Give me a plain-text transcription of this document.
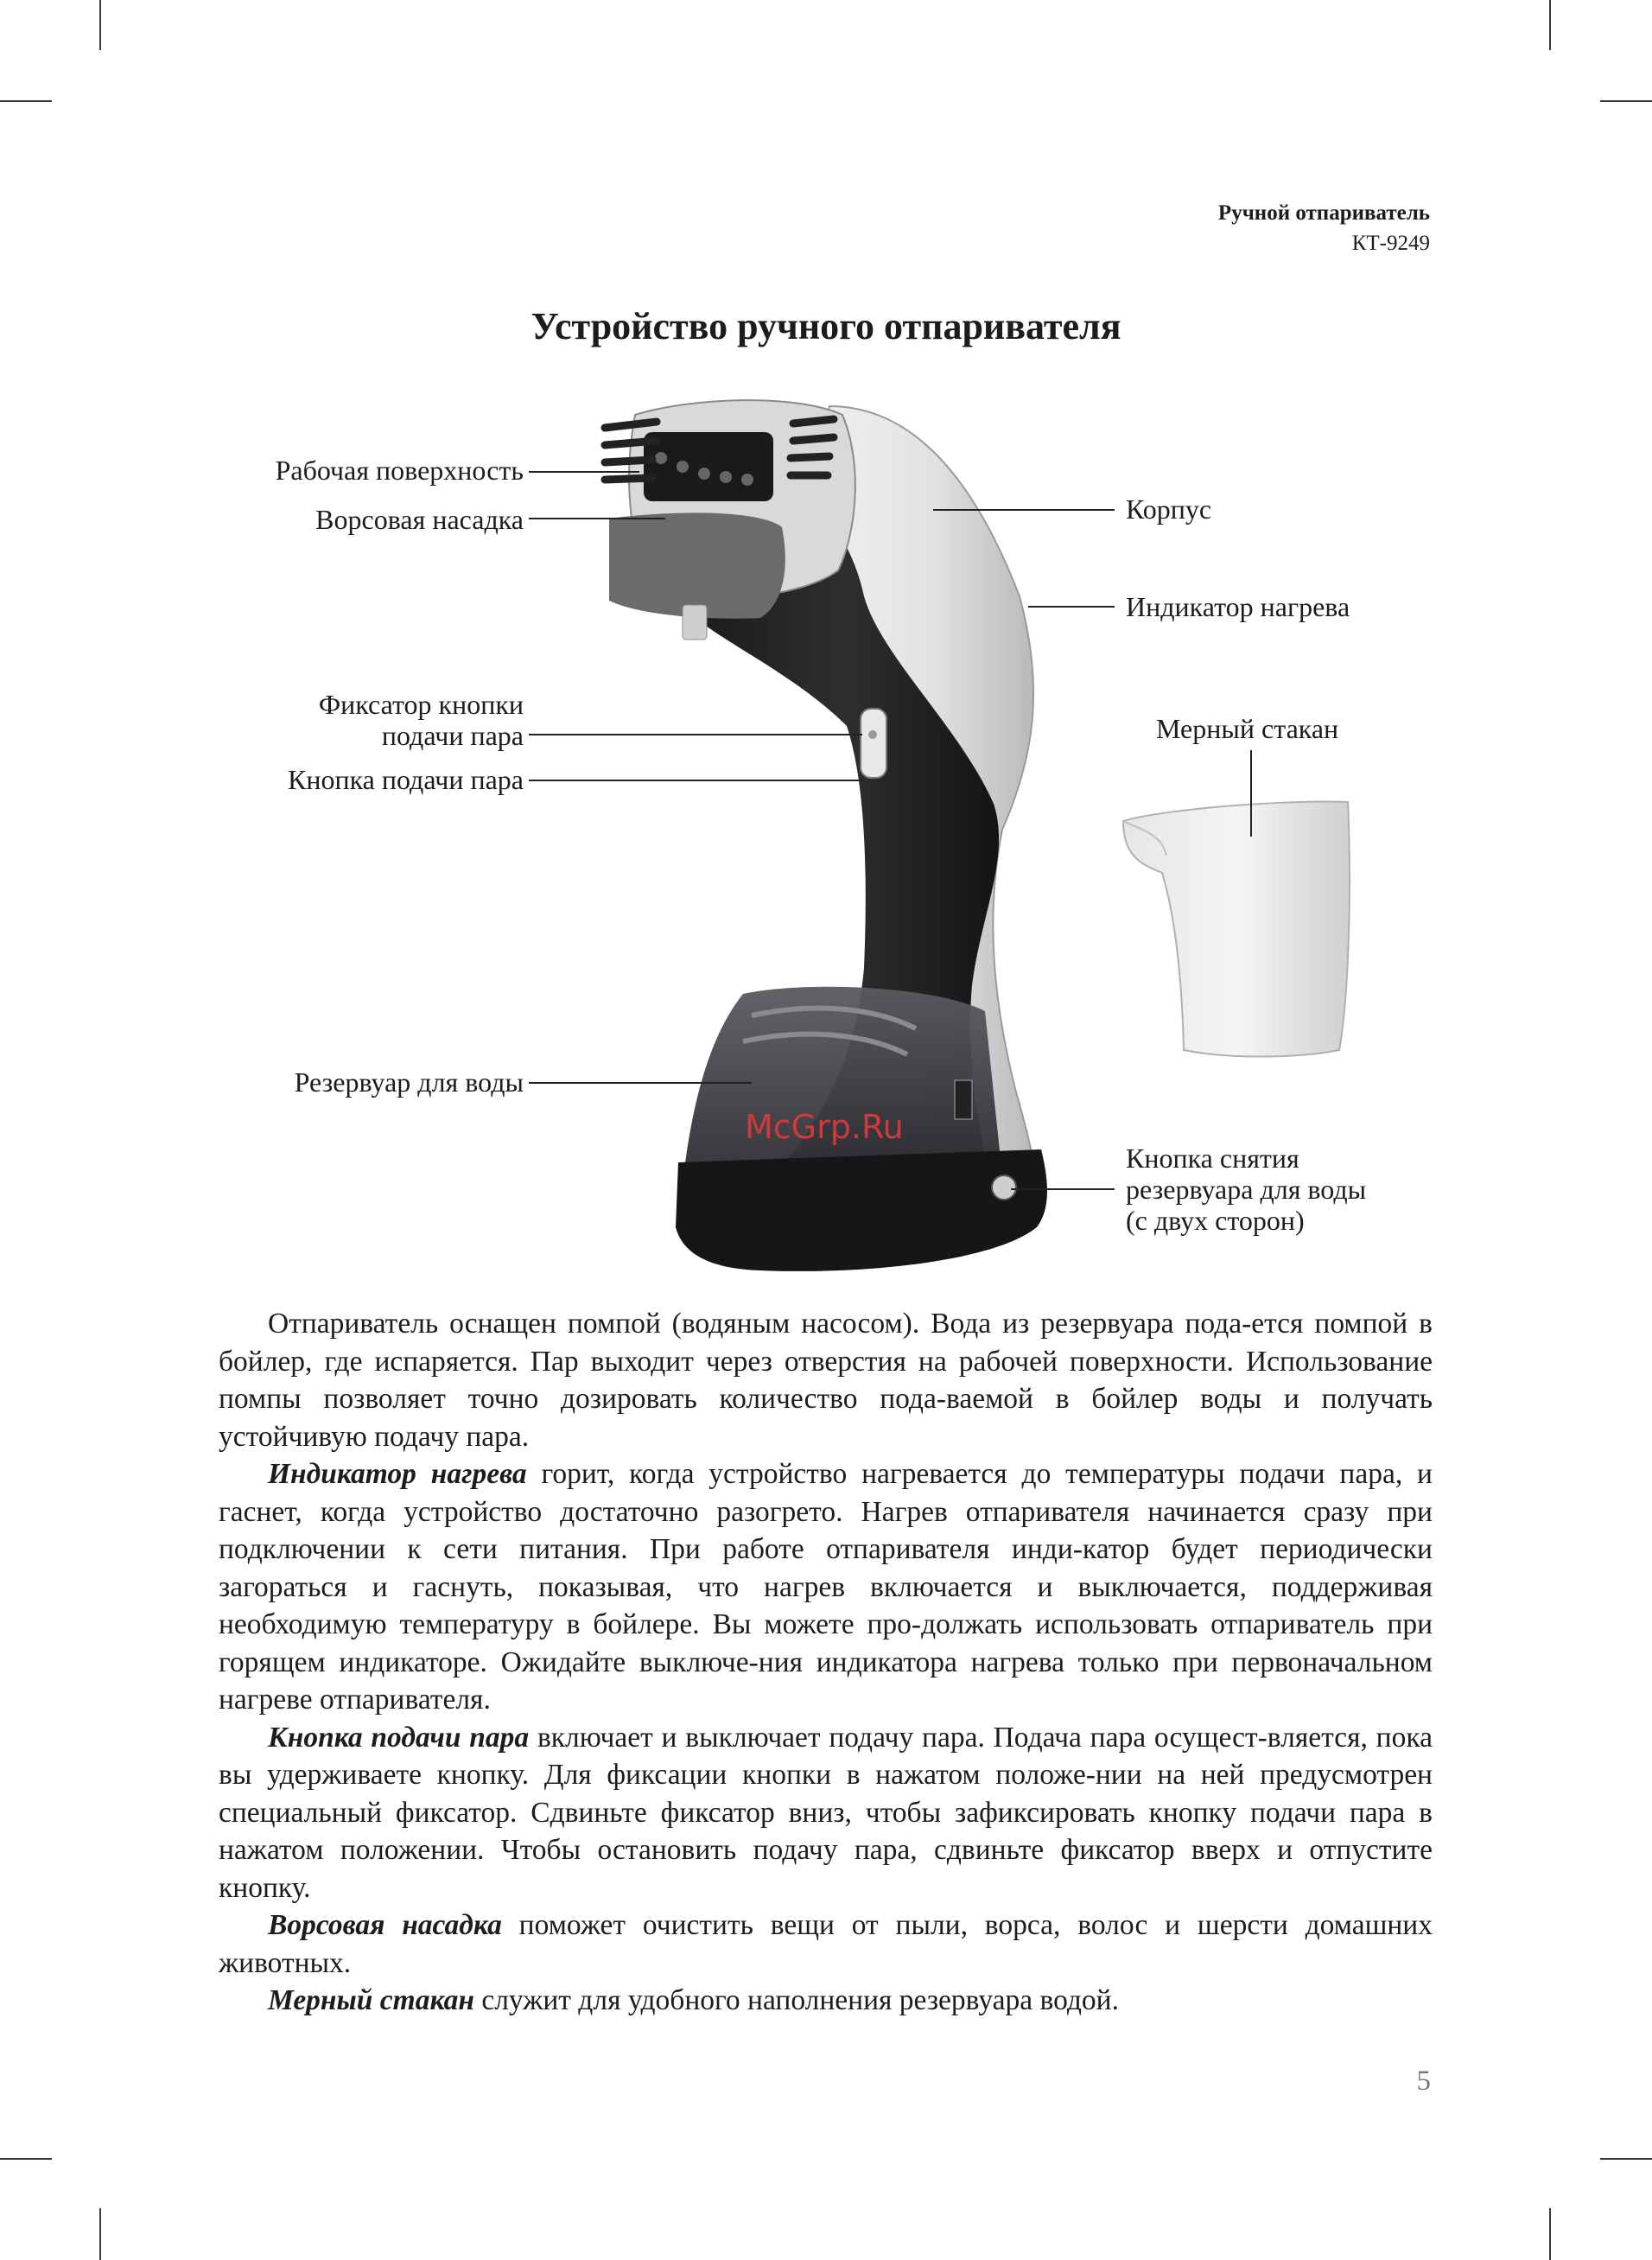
Ручной отпариватель
КТ-9249
Устройство ручного отпаривателя
McGrp.Ru
Рабочая поверхность
Ворсовая насадка	Корпус
Индикатор нагрева
Фиксатор кнопки
подачи пара
Кнопка подачи пара
Мерный стакан
Резервуар для воды
Кнопка снятия
резервуара для воды
(с двух сторон)

Отпариватель оснащен помпой (водяным насосом). Вода из резервуара пода-ется помпой в бойлер, где испаряется. Пар выходит через отверстия на рабочей поверхности. Использование помпы позволяет точно дозировать количество пода-ваемой в бойлер воды и получать устойчивую подачу пара.

Индикатор нагрева горит, когда устройство нагревается до температуры подачи пара, и гаснет, когда устройство достаточно разогрето. Нагрев отпаривателя начинается сразу при подключении к сети питания. При работе отпаривателя инди-катор будет периодически загораться и гаснуть, показывая, что нагрев включается и выключается, поддерживая необходимую температуру в бойлере. Вы можете про-должать использовать отпариватель при горящем индикаторе. Ожидайте выключе-ния индикатора нагрева только при первоначальном нагреве отпаривателя.

Кнопка подачи пара включает и выключает подачу пара. Подача пара осущест-вляется, пока вы удерживаете кнопку. Для фиксации кнопки в нажатом положе-нии на ней предусмотрен специальный фиксатор. Сдвиньте фиксатор вниз, чтобы зафиксировать кнопку подачи пара в нажатом положении. Чтобы остановить подачу пара, сдвиньте фиксатор вверх и отпустите кнопку.

Ворсовая насадка поможет очистить вещи от пыли, ворса, волос и шерсти домашних животных.

Мерный стакан служит для удобного наполнения резервуара водой.

5
